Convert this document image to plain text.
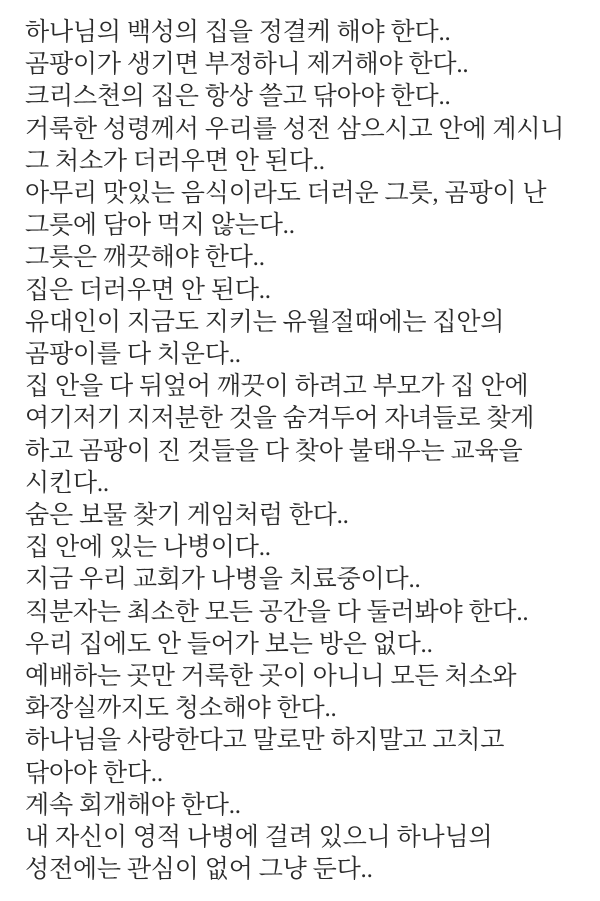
하나님의 백성의 집을 정결케 해야 한다..

곰팡이가 생기면 부정하니 제거해야 한다..

크리스쳔의 집은 항상 쓸고 닦아야 한다..

거룩한 성령께서 우리를 성전 삼으시고 안에 계시니

그 처소가 더러우면 안 된다..

아무리 맛있는 음식이라도 더러운 그릇, 곰팡이 난

그릇에 담아 먹지 않는다..

그릇은 깨끗해야 한다..

집은 더러우면 안 된다..

유대인이 지금도 지키는 유월절때에는 집안의

곰팡이를 다 치운다..

집 안을 다 뒤엎어 깨끗이 하려고 부모가 집 안에

여기저기 지저분한 것을 숨겨두어 자녀들로 찾게

하고 곰팡이 진 것들을 다 찾아 불태우는 교육을

시킨다..

숨은 보물 찾기 게임처럼 한다..

집 안에 있는 나병이다..

지금 우리 교회가 나병을 치료중이다..

직분자는 최소한 모든 공간을 다 둘러봐야 한다..

우리 집에도 안 들어가 보는 방은 없다..

예배하는 곳만 거룩한 곳이 아니니 모든 처소와

화장실까지도 청소해야 한다..

하나님을 사랑한다고 말로만 하지말고 고치고

닦아야 한다..

계속 회개해야 한다..

내 자신이 영적 나병에 걸려 있으니 하나님의

성전에는 관심이 없어 그냥 둔다..
